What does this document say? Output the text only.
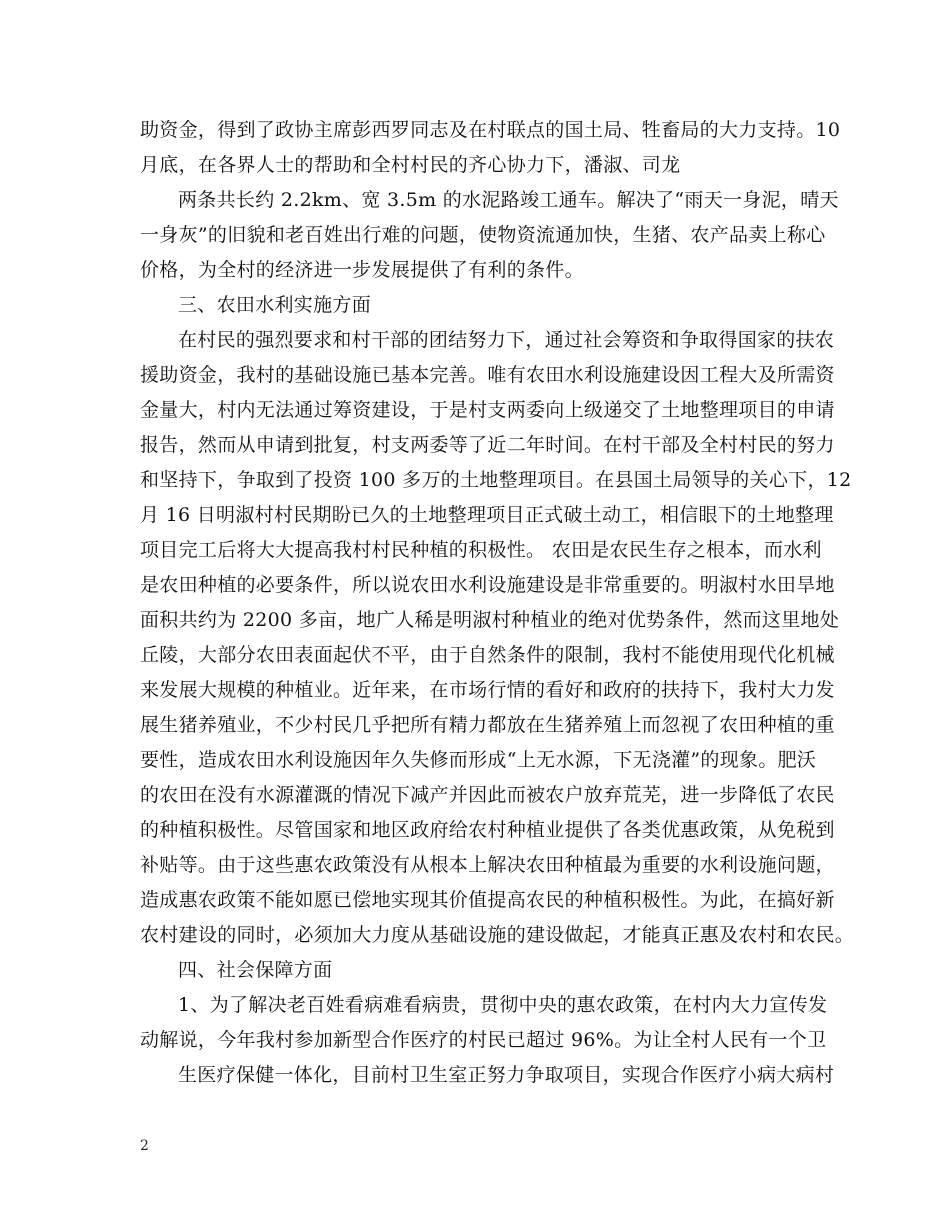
助资金，得到了政协主席彭西罗同志及在村联点的国土局、牲畜局的大力支持。10
月底，在各界人士的帮助和全村村民的齐心协力下，潘淑、司龙
两条共长约 2.2km、宽 3.5m 的水泥路竣工通车。解决了“雨天一身泥，晴天
一身灰”的旧貌和老百姓出行难的问题，使物资流通加快，生猪、农产品卖上称心
价格，为全村的经济进一步发展提供了有利的条件。
三、农田水利实施方面
在村民的强烈要求和村干部的团结努力下，通过社会筹资和争取得国家的扶农
援助资金，我村的基础设施已基本完善。唯有农田水利设施建设因工程大及所需资
金量大，村内无法通过筹资建设，于是村支两委向上级递交了土地整理项目的申请
报告，然而从申请到批复，村支两委等了近二年时间。在村干部及全村村民的努力
和坚持下，争取到了投资 100 多万的土地整理项目。在县国土局领导的关心下，12
月 16 日明淑村村民期盼已久的土地整理项目正式破土动工，相信眼下的土地整理
项目完工后将大大提高我村村民种植的积极性。 农田是农民生存之根本，而水利
是农田种植的必要条件，所以说农田水利设施建设是非常重要的。明淑村水田旱地
面积共约为 2200 多亩，地广人稀是明淑村种植业的绝对优势条件，然而这里地处
丘陵，大部分农田表面起伏不平，由于自然条件的限制，我村不能使用现代化机械
来发展大规模的种植业。近年来，在市场行情的看好和政府的扶持下，我村大力发
展生猪养殖业，不少村民几乎把所有精力都放在生猪养殖上而忽视了农田种植的重
要性，造成农田水利设施因年久失修而形成“上无水源，下无浇灌”的现象。肥沃
的农田在没有水源灌溉的情况下减产并因此而被农户放弃荒芜，进一步降低了农民
的种植积极性。尽管国家和地区政府给农村种植业提供了各类优惠政策，从免税到
补贴等。由于这些惠农政策没有从根本上解决农田种植最为重要的水利设施问题，
造成惠农政策不能如愿已偿地实现其价值提高农民的种植积极性。为此，在搞好新
农村建设的同时，必须加大力度从基础设施的建设做起，才能真正惠及农村和农民。
四、社会保障方面
1、为了解决老百姓看病难看病贵，贯彻中央的惠农政策，在村内大力宣传发
动解说，今年我村参加新型合作医疗的村民已超过 96%。为让全村人民有一个卫
生医疗保健一体化，目前村卫生室正努力争取项目，实现合作医疗小病大病村
2
